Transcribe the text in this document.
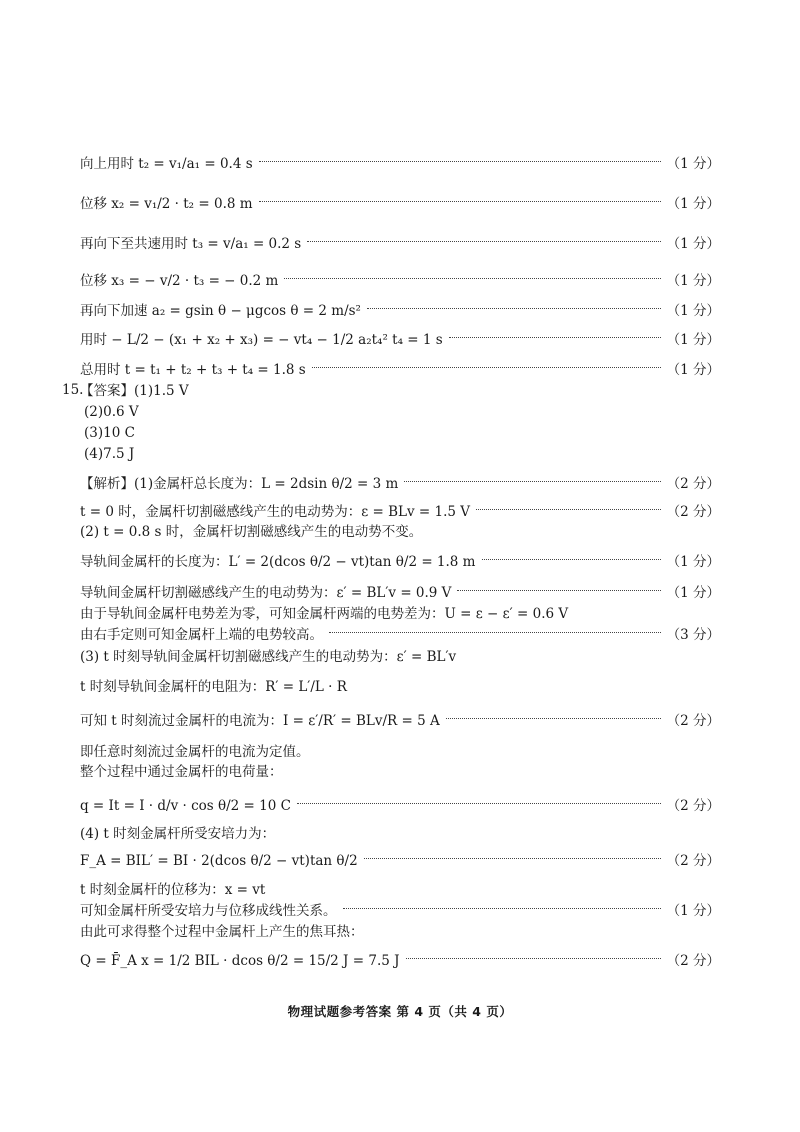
向上用时 t₂ = v₁/a₁ = 0.4 s	（1 分）
位移 x₂ = v₁/2 · t₂ = 0.8 m	（1 分）
再向下至共速用时 t₃ = v/a₁ = 0.2 s	（1 分）
位移 x₃ = − v/2 · t₃ = − 0.2 m	（1 分）
再向下加速 a₂ = gsin θ − μgcos θ = 2 m/s²	（1 分）
用时 − L/2 − (x₁ + x₂ + x₃) = − vt₄ − 1/2 a₂t₄² t₄ = 1 s	（1 分）
总用时 t = t₁ + t₂ + t₃ + t₄ = 1.8 s	（1 分）
15.
【答案】(1)1.5 V
(2)0.6 V
(3)10 C
(4)7.5 J
【解析】(1)金属杆总长度为：L = 2dsin θ/2 = 3 m	（2 分）
t = 0 时，金属杆切割磁感线产生的电动势为：ε = BLv = 1.5 V	（2 分）
(2) t = 0.8 s 时，金属杆切割磁感线产生的电动势不变。
导轨间金属杆的长度为：L′ = 2(dcos θ/2 − vt)tan θ/2 = 1.8 m	（1 分）
导轨间金属杆切割磁感线产生的电动势为：ε′ = BL′v = 0.9 V	（1 分）
由于导轨间金属杆电势差为零，可知金属杆两端的电势差为：U = ε − ε′ = 0.6 V
由右手定则可知金属杆上端的电势较高。	（3 分）
(3) t 时刻导轨间金属杆切割磁感线产生的电动势为：ε′ = BL′v
t 时刻导轨间金属杆的电阻为：R′ = L′/L · R
可知 t 时刻流过金属杆的电流为：I = ε′/R′ = BLv/R = 5 A	（2 分）
即任意时刻流过金属杆的电流为定值。
整个过程中通过金属杆的电荷量：
q = It = I · d/v · cos θ/2 = 10 C	（2 分）
(4) t 时刻金属杆所受安培力为：
F_A = BIL′ = BI · 2(dcos θ/2 − vt)tan θ/2	（2 分）
t 时刻金属杆的位移为：x = vt
可知金属杆所受安培力与位移成线性关系。	（1 分）
由此可求得整个过程中金属杆上产生的焦耳热：
Q = F̄_A x = 1/2 BIL · dcos θ/2 = 15/2 J = 7.5 J	（2 分）
物理试题参考答案 第 4 页（共 4 页）
